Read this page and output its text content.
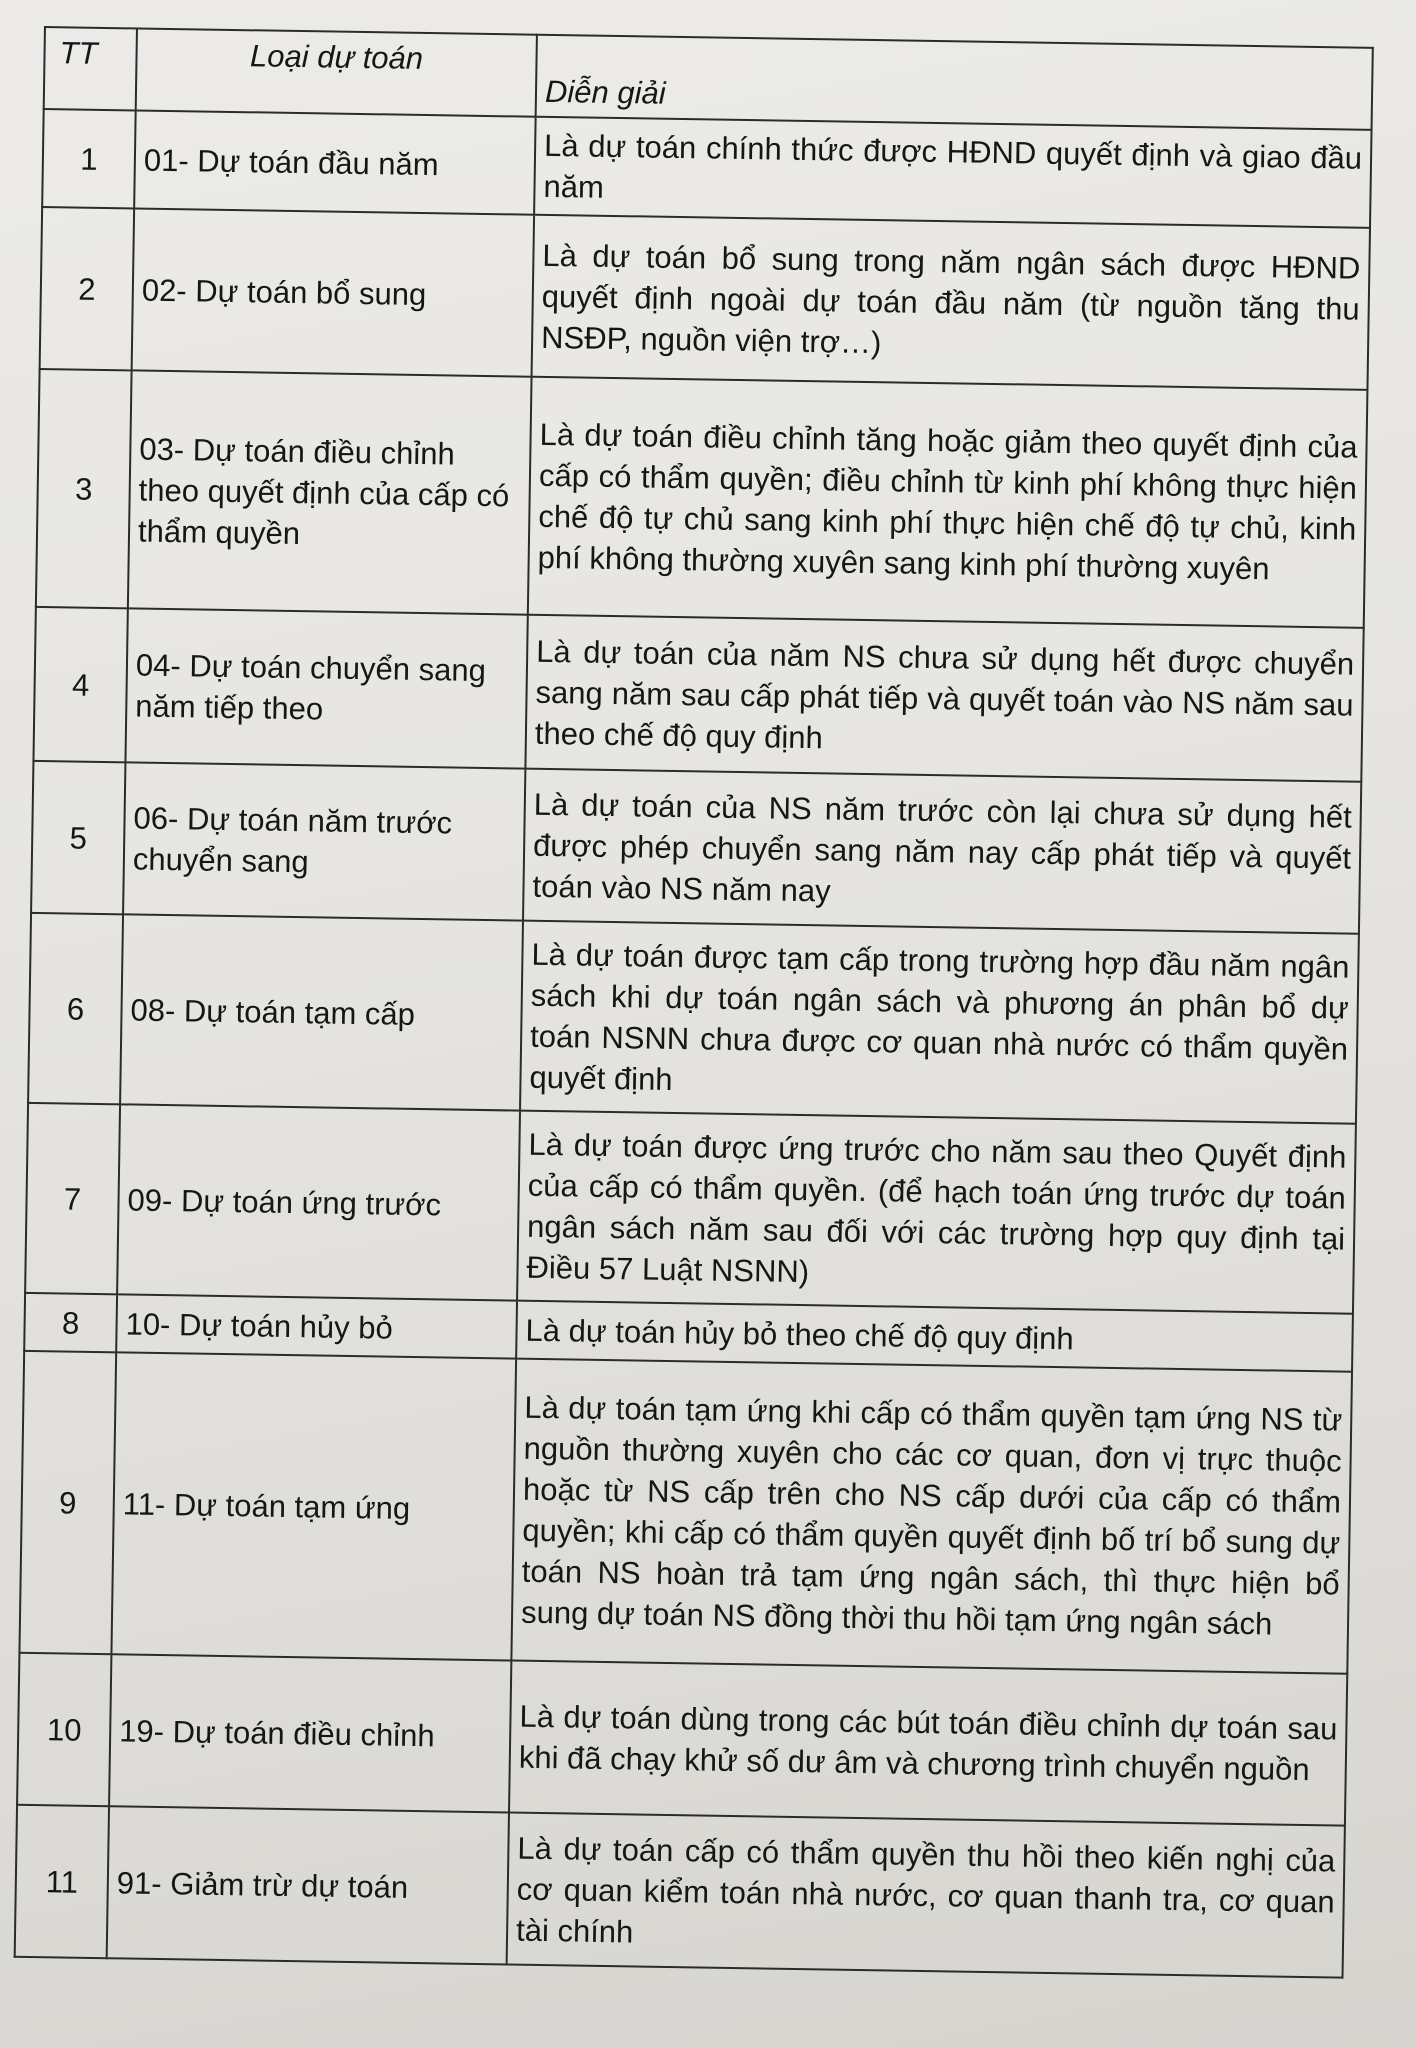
TT	Loại dự toán	Diễn giải
1	01- Dự toán đầu năm	Là dự toán chính thức được HĐND quyết định và giao đầu năm
2	02- Dự toán bổ sung	Là dự toán bổ sung trong năm ngân sách được HĐND quyết định ngoài dự toán đầu năm (từ nguồn tăng thu NSĐP, nguồn viện trợ…)
3	03- Dự toán điều chỉnh theo quyết định của cấp có thẩm quyền	Là dự toán điều chỉnh tăng hoặc giảm theo quyết định của cấp có thẩm quyền; điều chỉnh từ kinh phí không thực hiện chế độ tự chủ sang kinh phí thực hiện chế độ tự chủ, kinh phí không thường xuyên sang kinh phí thường xuyên
4	04- Dự toán chuyển sang năm tiếp theo	Là dự toán của năm NS chưa sử dụng hết được chuyển sang năm sau cấp phát tiếp và quyết toán vào NS năm sau theo chế độ quy định
5	06- Dự toán năm trước chuyển sang	Là dự toán của NS năm trước còn lại chưa sử dụng hết được phép chuyển sang năm nay cấp phát tiếp và quyết toán vào NS năm nay
6	08- Dự toán tạm cấp	Là dự toán được tạm cấp trong trường hợp đầu năm ngân sách khi dự toán ngân sách và phương án phân bổ dự toán NSNN chưa được cơ quan nhà nước có thẩm quyền quyết định
7	09- Dự toán ứng trước	Là dự toán được ứng trước cho năm sau theo Quyết định của cấp có thẩm quyền. (để hạch toán ứng trước dự toán ngân sách năm sau đối với các trường hợp quy định tại Điều 57 Luật NSNN)
8	10- Dự toán hủy bỏ	Là dự toán hủy bỏ theo chế độ quy định
9	11- Dự toán tạm ứng	Là dự toán tạm ứng khi cấp có thẩm quyền tạm ứng NS từ nguồn thường xuyên cho các cơ quan, đơn vị trực thuộc hoặc từ NS cấp trên cho NS cấp dưới của cấp có thẩm quyền; khi cấp có thẩm quyền quyết định bố trí bổ sung dự toán NS hoàn trả tạm ứng ngân sách, thì thực hiện bổ sung dự toán NS đồng thời thu hồi tạm ứng ngân sách
10	19- Dự toán điều chỉnh	Là dự toán dùng trong các bút toán điều chỉnh dự toán sau khi đã chạy khử số dư âm và chương trình chuyển nguồn
11	91- Giảm trừ dự toán	Là dự toán cấp có thẩm quyền thu hồi theo kiến nghị của cơ quan kiểm toán nhà nước, cơ quan thanh tra, cơ quan tài chính
